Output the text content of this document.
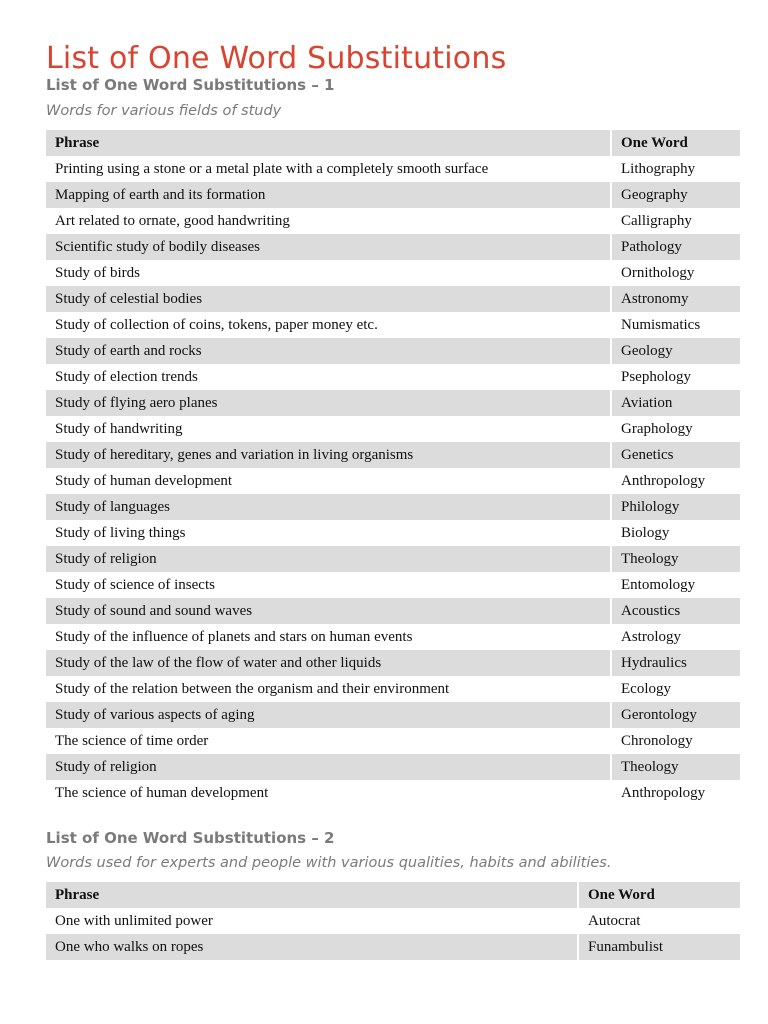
List of One Word Substitutions
List of One Word Substitutions – 1
Words for various fields of study
Phrase	One Word
Printing using a stone or a metal plate with a completely smooth surface	Lithography
Mapping of earth and its formation	Geography
Art related to ornate, good handwriting	Calligraphy
Scientific study of bodily diseases	Pathology
Study of birds	Ornithology
Study of celestial bodies	Astronomy
Study of collection of coins, tokens, paper money etc.	Numismatics
Study of earth and rocks	Geology
Study of election trends	Psephology
Study of flying aero planes	Aviation
Study of handwriting	Graphology
Study of hereditary, genes and variation in living organisms	Genetics
Study of human development	Anthropology
Study of languages	Philology
Study of living things	Biology
Study of religion	Theology
Study of science of insects	Entomology
Study of sound and sound waves	Acoustics
Study of the influence of planets and stars on human events	Astrology
Study of the law of the flow of water and other liquids	Hydraulics
Study of the relation between the organism and their environment	Ecology
Study of various aspects of aging	Gerontology
The science of time order	Chronology
Study of religion	Theology
The science of human development	Anthropology
List of One Word Substitutions – 2
Words used for experts and people with various qualities, habits and abilities.
Phrase	One Word
One with unlimited power	Autocrat
One who walks on ropes	Funambulist
